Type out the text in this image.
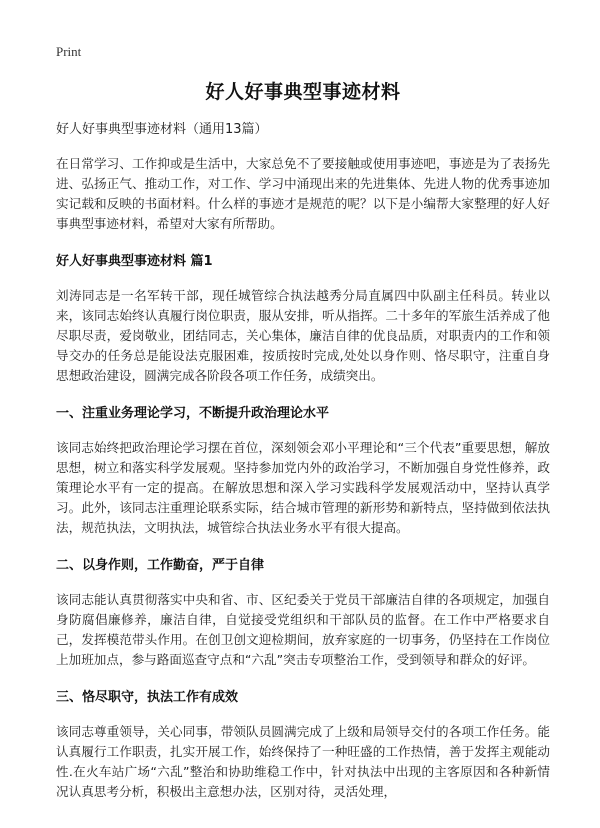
Print
好人好事典型事迹材料
好人好事典型事迹材料（通用13篇）

在日常学习、工作抑或是生活中，大家总免不了要接触或使用事迹吧，事迹是为了表扬先进、弘扬正气、推动工作，对工作、学习中涌现出来的先进集体、先进人物的优秀事迹加实记载和反映的书面材料。什么样的事迹才是规范的呢？以下是小编帮大家整理的好人好事典型事迹材料，希望对大家有所帮助。

好人好事典型事迹材料 篇1

刘涛同志是一名军转干部，现任城管综合执法越秀分局直属四中队副主任科员。转业以来，该同志始终认真履行岗位职责，服从安排，听从指挥。二十多年的军旅生活养成了他尽职尽责，爱岗敬业，团结同志，关心集体，廉洁自律的优良品质，对职责内的工作和领导交办的任务总是能设法克服困难，按质按时完成,处处以身作则、恪尽职守，注重自身思想政治建设，圆满完成各阶段各项工作任务，成绩突出。

一、注重业务理论学习，不断提升政治理论水平

该同志始终把政治理论学习摆在首位，深刻领会邓小平理论和“三个代表”重要思想，解放思想，树立和落实科学发展观。坚持参加党内外的政治学习，不断加强自身党性修养，政策理论水平有一定的提高。在解放思想和深入学习实践科学发展观活动中，坚持认真学习。此外，该同志注重理论联系实际，结合城市管理的新形势和新特点，坚持做到依法执法，规范执法，文明执法，城管综合执法业务水平有很大提高。

二、以身作则，工作勤奋，严于自律

该同志能认真贯彻落实中央和省、市、区纪委关于党员干部廉洁自律的各项规定，加强自身防腐倡廉修养，廉洁自律，自觉接受党组织和干部队员的监督。在工作中严格要求自己，发挥模范带头作用。在创卫创文迎检期间，放弃家庭的一切事务，仍坚持在工作岗位上加班加点，参与路面巡查守点和“六乱”突击专项整治工作，受到领导和群众的好评。

三、恪尽职守，执法工作有成效

该同志尊重领导，关心同事，带领队员圆满完成了上级和局领导交付的各项工作任务。能认真履行工作职责，扎实开展工作，始终保持了一种旺盛的工作热情，善于发挥主观能动性.在火车站广场“六乱”整治和协助维稳工作中，针对执法中出现的主客原因和各种新情况认真思考分析，积极出主意想办法，区别对待，灵活处理，
